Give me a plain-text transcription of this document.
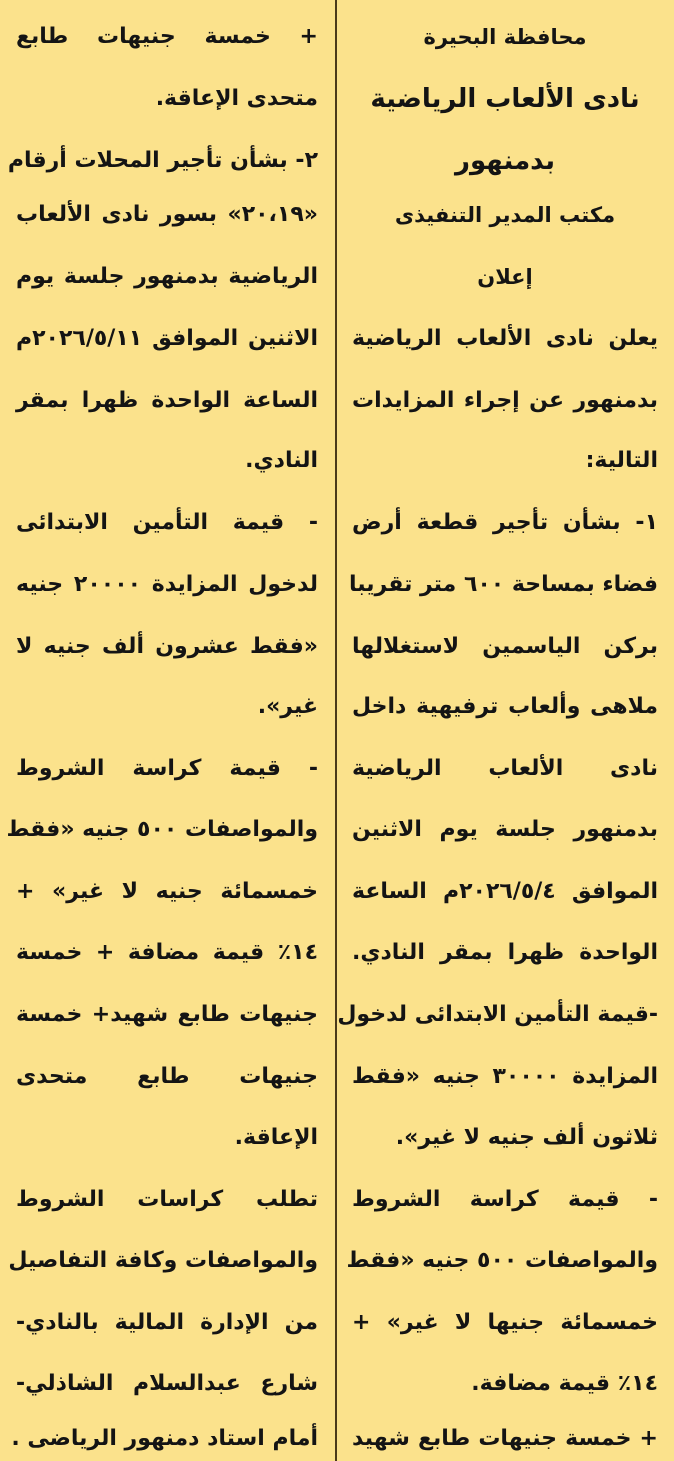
محافظة البحيرة
نادى الألعاب الرياضية
بدمنهور
مكتب المدير التنفيذى
إعلان
يعلن نادى الألعاب الرياضية
بدمنهور عن إجراء المزايدات
التالية:
١- بشأن تأجير قطعة أرض
فضاء بمساحة ٦٠٠ متر تقريبا
بركن الياسمين لاستغلالها
ملاهى وألعاب ترفيهية داخل
نادى الألعاب الرياضية
بدمنهور جلسة يوم الاثنين
الموافق ٢٠٢٦/٥/٤م الساعة
الواحدة ظهرا بمقر النادي.
-قيمة التأمين الابتدائى لدخول
المزايدة ٣٠٠٠٠ جنيه «فقط
ثلاثون ألف جنيه لا غير».
- قيمة كراسة الشروط
والمواصفات ٥٠٠ جنيه «فقط
خمسمائة جنيها لا غير» +
١٤٪ قيمة مضافة.
+ خمسة جنيهات طابع شهيد
+ خمسة جنيهات طابع
متحدى الإعاقة.
٢- بشأن تأجير المحلات أرقام
«٢٠،١٩» بسور نادى الألعاب
الرياضية بدمنهور جلسة يوم
الاثنين الموافق ٢٠٢٦/٥/١١م
الساعة الواحدة ظهرا بمقر
النادي.
- قيمة التأمين الابتدائى
لدخول المزايدة ٢٠٠٠٠ جنيه
«فقط عشرون ألف جنيه لا
غير».
- قيمة كراسة الشروط
والمواصفات ٥٠٠ جنيه «فقط
خمسمائة جنيه لا غير» +
١٤٪ قيمة مضافة + خمسة
جنيهات طابع شهيد+ خمسة
جنيهات طابع متحدى
الإعاقة.
تطلب كراسات الشروط
والمواصفات وكافة التفاصيل
من الإدارة المالية بالنادي-
شارع عبدالسلام الشاذلي-
أمام استاد دمنهور الرياضى .
